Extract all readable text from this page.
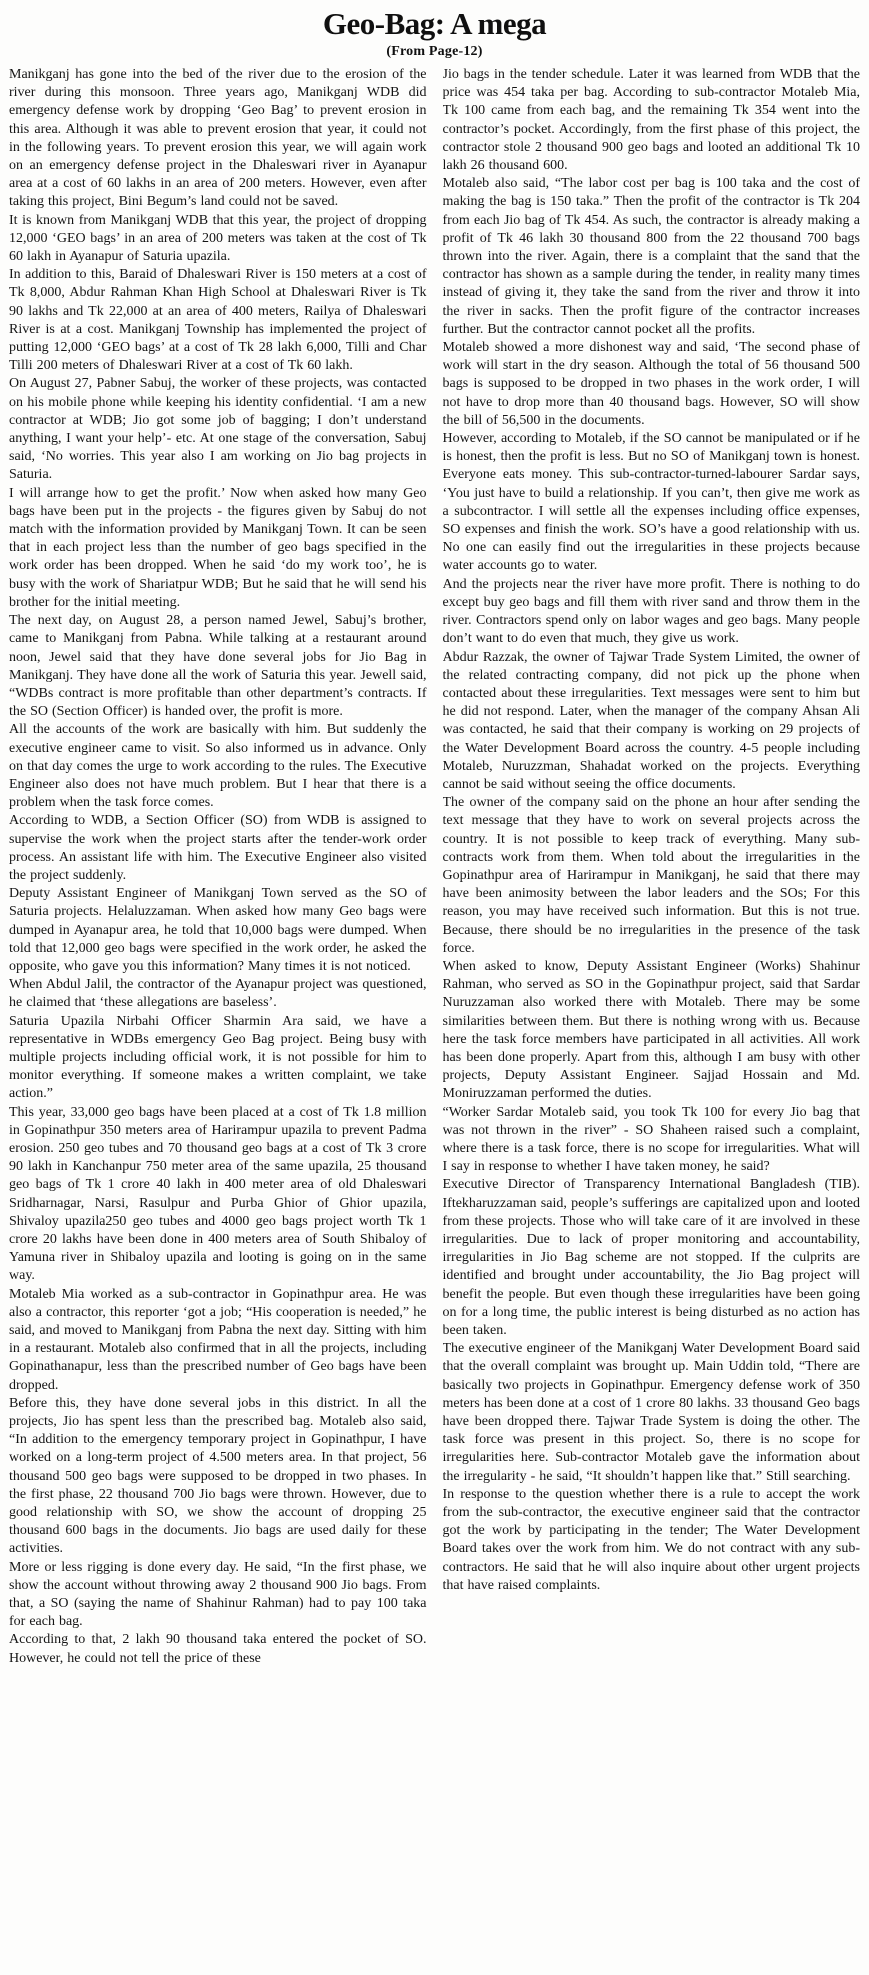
Geo-Bag: A mega
(From Page-12)

Manikganj has gone into the bed of the river due to the erosion of the river during this monsoon. Three years ago, Manikganj WDB did emergency defense work by dropping ‘Geo Bag’ to prevent erosion in this area. Although it was able to prevent erosion that year, it could not in the following years. To prevent erosion this year, we will again work on an emergency defense project in the Dhaleswari river in Ayanapur area at a cost of 60 lakhs in an area of 200 meters. However, even after taking this project, Bini Begum’s land could not be saved.

It is known from Manikganj WDB that this year, the project of dropping 12,000 ‘GEO bags’ in an area of 200 meters was taken at the cost of Tk 60 lakh in Ayanapur of Saturia upazila.

In addition to this, Baraid of Dhaleswari River is 150 meters at a cost of Tk 8,000, Abdur Rahman Khan High School at Dhaleswari River is Tk 90 lakhs and Tk 22,000 at an area of 400 meters, Railya of Dhaleswari River is at a cost. Manikganj Township has implemented the project of putting 12,000 ‘GEO bags’ at a cost of Tk 28 lakh 6,000, Tilli and Char Tilli 200 meters of Dhaleswari River at a cost of Tk 60 lakh.

On August 27, Pabner Sabuj, the worker of these projects, was contacted on his mobile phone while keeping his identity confidential. ‘I am a new contractor at WDB; Jio got some job of bagging; I don’t understand anything, I want your help’- etc. At one stage of the conversation, Sabuj said, ‘No worries. This year also I am working on Jio bag projects in Saturia.

I will arrange how to get the profit.’ Now when asked how many Geo bags have been put in the projects - the figures given by Sabuj do not match with the information provided by Manikganj Town. It can be seen that in each project less than the number of geo bags specified in the work order has been dropped. When he said ‘do my work too’, he is busy with the work of Shariatpur WDB; But he said that he will send his brother for the initial meeting.

The next day, on August 28, a person named Jewel, Sabuj’s brother, came to Manikganj from Pabna. While talking at a restaurant around noon, Jewel said that they have done several jobs for Jio Bag in Manikganj. They have done all the work of Saturia this year. Jewell said, “WDBs contract is more profitable than other department’s contracts. If the SO (Section Officer) is handed over, the profit is more.

All the accounts of the work are basically with him. But suddenly the executive engineer came to visit. So also informed us in advance. Only on that day comes the urge to work according to the rules. The Executive Engineer also does not have much problem. But I hear that there is a problem when the task force comes.

According to WDB, a Section Officer (SO) from WDB is assigned to supervise the work when the project starts after the tender-work order process. An assistant life with him. The Executive Engineer also visited the project suddenly.

Deputy Assistant Engineer of Manikganj Town served as the SO of Saturia projects. Helaluzzaman. When asked how many Geo bags were dumped in Ayanapur area, he told that 10,000 bags were dumped. When told that 12,000 geo bags were specified in the work order, he asked the opposite, who gave you this information? Many times it is not noticed.

When Abdul Jalil, the contractor of the Ayanapur project was questioned, he claimed that ‘these allegations are baseless’.

Saturia Upazila Nirbahi Officer Sharmin Ara said, we have a representative in WDBs emergency Geo Bag project. Being busy with multiple projects including official work, it is not possible for him to monitor everything. If someone makes a written complaint, we take action.”

This year, 33,000 geo bags have been placed at a cost of Tk 1.8 million in Gopinathpur 350 meters area of Harirampur upazila to prevent Padma erosion. 250 geo tubes and 70 thousand geo bags at a cost of Tk 3 crore 90 lakh in Kanchanpur 750 meter area of the same upazila, 25 thousand geo bags of Tk 1 crore 40 lakh in 400 meter area of old Dhaleswari Sridharnagar, Narsi, Rasulpur and Purba Ghior of Ghior upazila, Shivaloy upazila250 geo tubes and 4000 geo bags project worth Tk 1 crore 20 lakhs have been done in 400 meters area of South Shibaloy of Yamuna river in Shibaloy upazila and looting is going on in the same way.

Motaleb Mia worked as a sub-contractor in Gopinathpur area. He was also a contractor, this reporter ‘got a job; “His cooperation is needed,” he said, and moved to Manikganj from Pabna the next day. Sitting with him in a restaurant. Motaleb also confirmed that in all the projects, including Gopinathanapur, less than the prescribed number of Geo bags have been dropped.

Before this, they have done several jobs in this district. In all the projects, Jio has spent less than the prescribed bag. Motaleb also said, “In addition to the emergency temporary project in Gopinathpur, I have worked on a long-term project of 4.500 meters area. In that project, 56 thousand 500 geo bags were supposed to be dropped in two phases. In the first phase, 22 thousand 700 Jio bags were thrown. However, due to good relationship with SO, we show the account of dropping 25 thousand 600 bags in the documents. Jio bags are used daily for these activities.

More or less rigging is done every day. He said, “In the first phase, we show the account without throwing away 2 thousand 900 Jio bags. From that, a SO (saying the name of Shahinur Rahman) had to pay 100 taka for each bag.

According to that, 2 lakh 90 thousand taka entered the pocket of SO. However, he could not tell the price of these

Jio bags in the tender schedule. Later it was learned from WDB that the price was 454 taka per bag. According to sub-contractor Motaleb Mia, Tk 100 came from each bag, and the remaining Tk 354 went into the contractor’s pocket. Accordingly, from the first phase of this project, the contractor stole 2 thousand 900 geo bags and looted an additional Tk 10 lakh 26 thousand 600.

Motaleb also said, “The labor cost per bag is 100 taka and the cost of making the bag is 150 taka.” Then the profit of the contractor is Tk 204 from each Jio bag of Tk 454. As such, the contractor is already making a profit of Tk 46 lakh 30 thousand 800 from the 22 thousand 700 bags thrown into the river. Again, there is a complaint that the sand that the contractor has shown as a sample during the tender, in reality many times instead of giving it, they take the sand from the river and throw it into the river in sacks. Then the profit figure of the contractor increases further. But the contractor cannot pocket all the profits.

Motaleb showed a more dishonest way and said, ‘The second phase of work will start in the dry season. Although the total of 56 thousand 500 bags is supposed to be dropped in two phases in the work order, I will not have to drop more than 40 thousand bags. However, SO will show the bill of 56,500 in the documents.

However, according to Motaleb, if the SO cannot be manipulated or if he is honest, then the profit is less. But no SO of Manikganj town is honest. Everyone eats money. This sub-contractor-turned-labourer Sardar says, ‘You just have to build a relationship. If you can’t, then give me work as a subcontractor. I will settle all the expenses including office expenses, SO expenses and finish the work. SO’s have a good relationship with us. No one can easily find out the irregularities in these projects because water accounts go to water.

And the projects near the river have more profit. There is nothing to do except buy geo bags and fill them with river sand and throw them in the river. Contractors spend only on labor wages and geo bags. Many people don’t want to do even that much, they give us work.

Abdur Razzak, the owner of Tajwar Trade System Limited, the owner of the related contracting company, did not pick up the phone when contacted about these irregularities. Text messages were sent to him but he did not respond. Later, when the manager of the company Ahsan Ali was contacted, he said that their company is working on 29 projects of the Water Development Board across the country. 4-5 people including Motaleb, Nuruzzman, Shahadat worked on the projects. Everything cannot be said without seeing the office documents.

The owner of the company said on the phone an hour after sending the text message that they have to work on several projects across the country. It is not possible to keep track of everything. Many sub-contracts work from them. When told about the irregularities in the Gopinathpur area of Harirampur in Manikganj, he said that there may have been animosity between the labor leaders and the SOs; For this reason, you may have received such information. But this is not true. Because, there should be no irregularities in the presence of the task force.

When asked to know, Deputy Assistant Engineer (Works) Shahinur Rahman, who served as SO in the Gopinathpur project, said that Sardar Nuruzzaman also worked there with Motaleb. There may be some similarities between them. But there is nothing wrong with us. Because here the task force members have participated in all activities. All work has been done properly. Apart from this, although I am busy with other projects, Deputy Assistant Engineer. Sajjad Hossain and Md. Moniruzzaman performed the duties.

“Worker Sardar Motaleb said, you took Tk 100 for every Jio bag that was not thrown in the river” - SO Shaheen raised such a complaint, where there is a task force, there is no scope for irregularities. What will I say in response to whether I have taken money, he said?

Executive Director of Transparency International Bangladesh (TIB). Iftekharuzzaman said, people’s sufferings are capitalized upon and looted from these projects. Those who will take care of it are involved in these irregularities. Due to lack of proper monitoring and accountability, irregularities in Jio Bag scheme are not stopped. If the culprits are identified and brought under accountability, the Jio Bag project will benefit the people. But even though these irregularities have been going on for a long time, the public interest is being disturbed as no action has been taken.

The executive engineer of the Manikganj Water Development Board said that the overall complaint was brought up. Main Uddin told, “There are basically two projects in Gopinathpur. Emergency defense work of 350 meters has been done at a cost of 1 crore 80 lakhs. 33 thousand Geo bags have been dropped there. Tajwar Trade System is doing the other. The task force was present in this project. So, there is no scope for irregularities here. Sub-contractor Motaleb gave the information about the irregularity - he said, “It shouldn’t happen like that.” Still searching.

In response to the question whether there is a rule to accept the work from the sub-contractor, the executive engineer said that the contractor got the work by participating in the tender; The Water Development Board takes over the work from him. We do not contract with any sub-contractors. He said that he will also inquire about other urgent projects that have raised complaints.
